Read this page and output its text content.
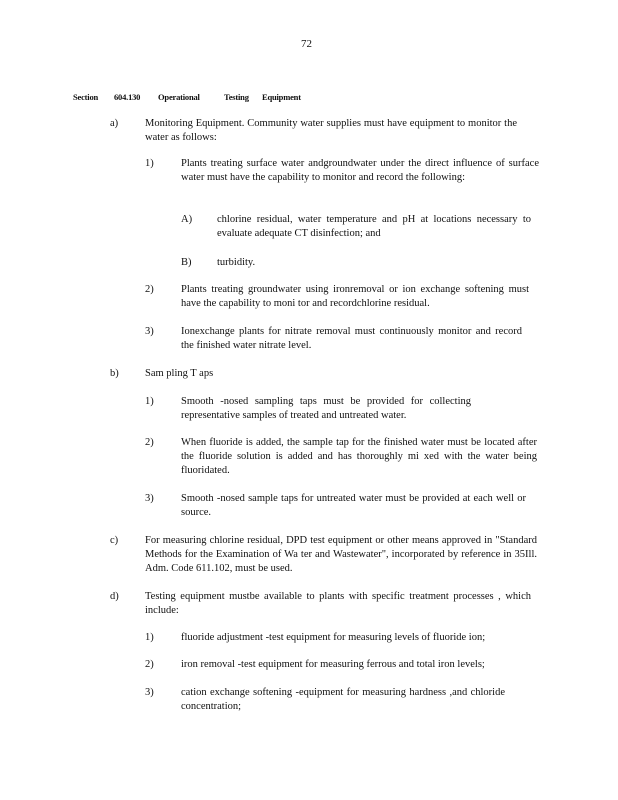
72
Section 604.130 Operational	Testing Equipment
a)	Monitoring Equipment. Community water supplies must have equipment to monitor the water as follows:
1)	Plants treating surface water andgroundwater under the direct influence of surface water must have the capability to monitor and record the following:
A) chlorine residual, water temperature and pH at locations necessary to evaluate adequate CT disinfection; and
B) turbidity.
2)	Plants treating groundwater using ironremoval or ion exchange softening must have the capability to moni tor and recordchlorine residual.
3)	Ionexchange plants for nitrate removal must continuously monitor and record the finished water nitrate level.
b)	Sam pling T aps
1)	Smooth -nosed sampling taps must be provided for collecting representative samples of treated and untreated water.
2)	When fluoride is added, the sample tap for the finished water must be located after the fluoride solution is added and has thoroughly mi xed with the water being fluoridated.
3)	Smooth -nosed sample taps for untreated water must be provided at each well or source.
c)	For measuring chlorine residual, DPD test equipment or other means approved in "Standard Methods for the Examination of Wa ter and Wastewater", incorporated by reference in 35Ill. Adm. Code 611.102, must be used.
d)	Testing equipment mustbe available to plants with specific treatment processes , which include:
1)	fluoride adjustment -test equipment for measuring levels of fluoride ion;
2)	iron removal -test equipment for measuring ferrous and total iron levels;
3)	cation exchange softening -equipment for measuring hardness ,and chloride concentration;
